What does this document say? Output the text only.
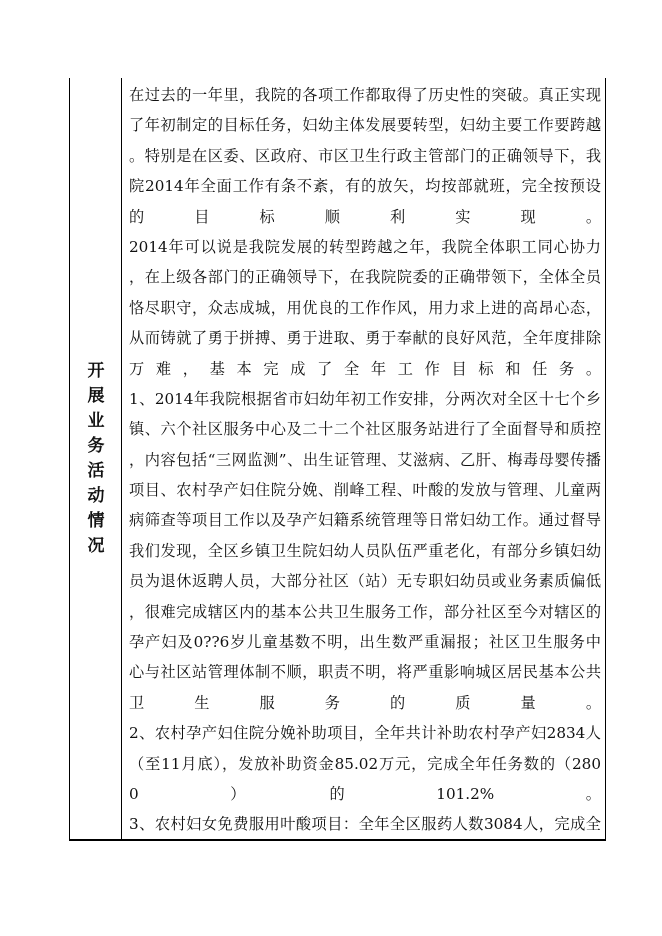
开
展
业
务
活
动
情
况
在过去的一年里，我院的各项工作都取得了历史性的突破。真正实现
了年初制定的目标任务，妇幼主体发展要转型，妇幼主要工作要跨越
。特别是在区委、区政府、市区卫生行政主管部门的正确领导下，我
院2014年全面工作有条不紊，有的放矢，均按部就班，完全按预设
的　目　标　顺　利　实　现　。
2014年可以说是我院发展的转型跨越之年，我院全体职工同心协力
，在上级各部门的正确领导下，在我院院委的正确带领下，全体全员
恪尽职守，众志成城，用优良的工作作风，用力求上进的高昂心态，
从而铸就了勇于拼搏、勇于进取、勇于奉献的良好风范，全年度排除
万难，基本完成了全年工作目标和任务。
1、2014年我院根据省市妇幼年初工作安排，分两次对全区十七个乡
镇、六个社区服务中心及二十二个社区服务站进行了全面督导和质控
，内容包括“三网监测”、出生证管理、艾滋病、乙肝、梅毒母婴传播
项目、农村孕产妇住院分娩、削峰工程、叶酸的发放与管理、儿童两
病筛查等项目工作以及孕产妇籍系统管理等日常妇幼工作。通过督导
我们发现，全区乡镇卫生院妇幼人员队伍严重老化，有部分乡镇妇幼
员为退休返聘人员，大部分社区（站）无专职妇幼员或业务素质偏低
，很难完成辖区内的基本公共卫生服务工作，部分社区至今对辖区的
孕产妇及0??6岁儿童基数不明，出生数严重漏报；社区卫生服务中
心与社区站管理体制不顺，职责不明，将严重影响城区居民基本公共
卫　生　服　务　的　质　量　。
2、农村孕产妇住院分娩补助项目，全年共计补助农村孕产妇2834人
（至11月底），发放补助资金85.02万元，完成全年任务数的（280
0　）　的　101.2%　。
3、农村妇女免费服用叶酸项目：全年全区服药人数3084人，完成全
